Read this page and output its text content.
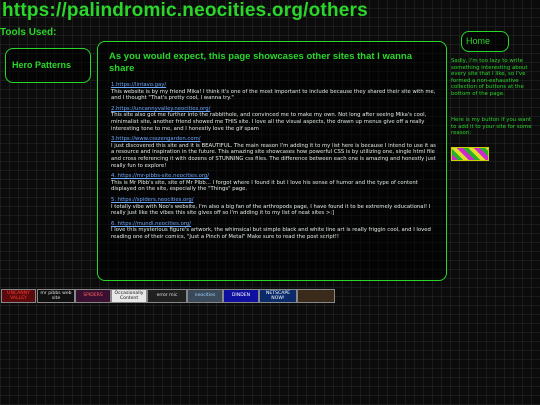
https://palindromic.neocities.org/others
Tools Used:
Hero Patterns
As you would expect, this page showcases other sites that I wanna share
1.https://lintavo.gay/
This website is by my friend Mika! I think it's one of the most important to include because they shared their site with me, and I thought "That's pretty cool, I wanna try."
2.https://uncannyvalley.neocities.org/
This site also got me further into the rabbithole, and convinced me to make my own. Not long after seeing Mika's cool, minimalist site, another friend showed me THIS site. I love all the visual aspects, the drawn up menus give off a really interesting tone to me, and I honestly love the gif spam
3.https://www.csszengarden.com/
I just discovered this site and it is BEAUTIFUL. The main reason I'm adding it to my list here is because I intend to use it as a resource and inspiration in the future. This amazing site showcases how powerful CSS is by utilizing one, single html file and cross referencing it with dozens of STUNNING css files. The difference between each one is amazing and honestly just really fun to explore!
4. https://mr-pibbs-site.neocities.org/
This is Mr Pibb's site, site of Mr Pibb... I forgot where I found it but I love his sense of humor and the type of content displayed on the site, especially the "Things" page.
5. https://spiders.neocities.org/
I totally vibe with Noo's website, I'm also a big fan of the arthropods page, I have found it to be extremely educational! I really just like the vibes this site gives off so I'm adding it to my list of neat sites >:]
6. https://mundi.neocities.org/
I love this mysterious figure's artwork, the whimsical but simple black and white line art is really friggin cool, and I loved reading one of their comics, "Just a Pinch of Metal" Make sure to read the post script!!
Home
Sadly, I'm too lazy to write something interesting about every site that I like, so I've formed a non-exhaustive collection of buttons at the bottom of the page.
Here is my button if you want to add it to your site for some reason:
UNCANNY VALLEY
mr pibbs web site
SPIDERS
Occasionally Content
error mic	neocities	DINDEN
NETSCAPE NOW!
